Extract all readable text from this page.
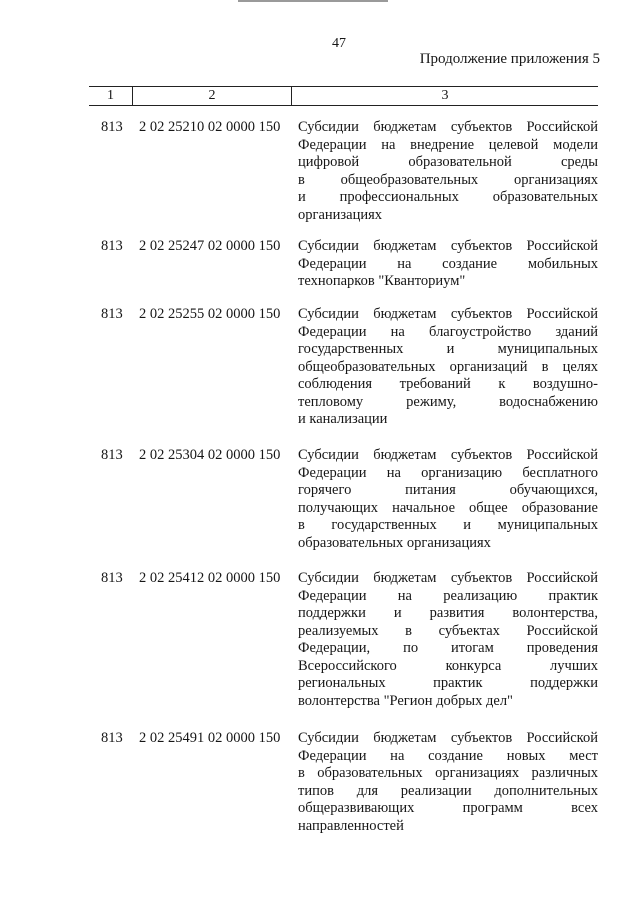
47
Продолжение приложения 5
1	2	3
813 2 02 25210 02 0000 150 Субсидии бюджетам субъектов Российской
Федерации на внедрение целевой модели
цифровой образовательной среды
в общеобразовательных организациях
и профессиональных образовательных
организациях
813 2 02 25247 02 0000 150 Субсидии бюджетам субъектов Российской
Федерации на создание мобильных
технопарков "Кванториум"
813 2 02 25255 02 0000 150 Субсидии бюджетам субъектов Российской
Федерации на благоустройство зданий
государственных и муниципальных
общеобразовательных организаций в целях
соблюдения требований к воздушно-
тепловому режиму, водоснабжению
и канализации
813 2 02 25304 02 0000 150 Субсидии бюджетам субъектов Российской
Федерации на организацию бесплатного
горячего питания обучающихся,
получающих начальное общее образование
в государственных и муниципальных
образовательных организациях
813 2 02 25412 02 0000 150 Субсидии бюджетам субъектов Российской
Федерации на реализацию практик
поддержки и развития волонтерства,
реализуемых в субъектах Российской
Федерации, по итогам проведения
Всероссийского конкурса лучших
региональных практик поддержки
волонтерства "Регион добрых дел"
813 2 02 25491 02 0000 150 Субсидии бюджетам субъектов Российской
Федерации на создание новых мест
в образовательных организациях различных
типов для реализации дополнительных
общеразвивающих программ всех
направленностей
